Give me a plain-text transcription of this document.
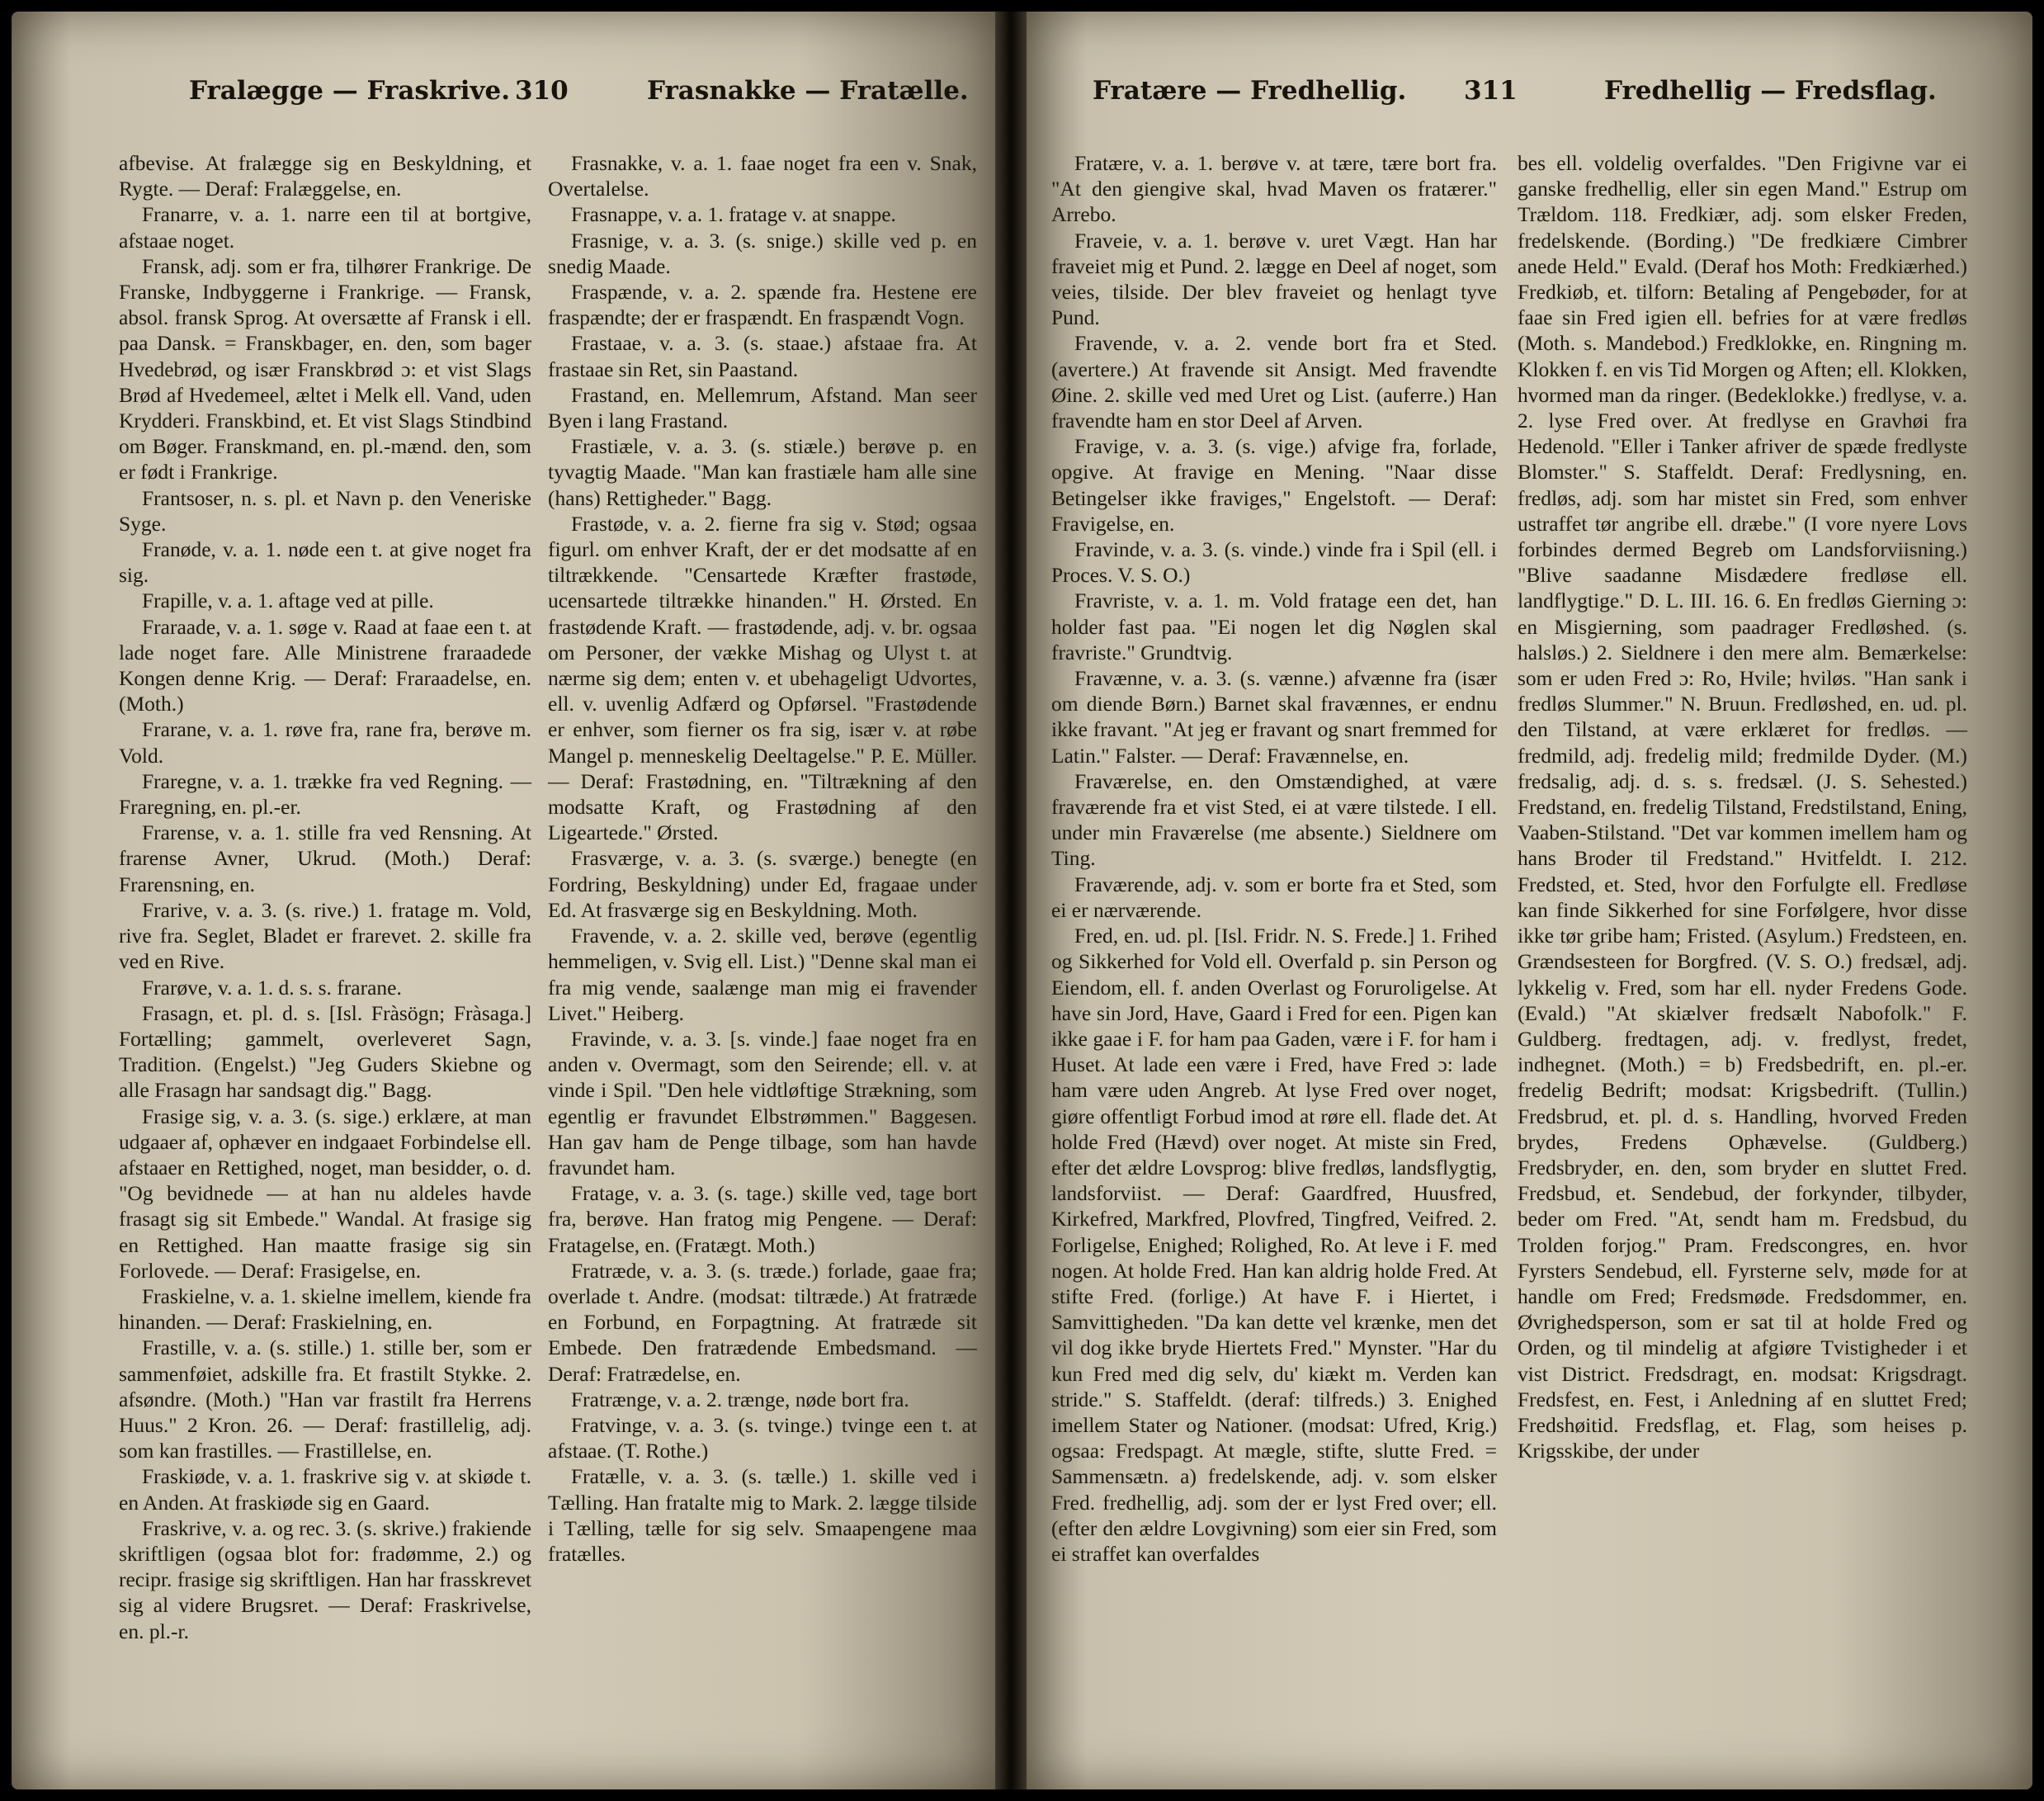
Fralægge — Fraskrive. 310	Frasnakke — Fratælle.

afbevise. At fralægge sig en Beskyldning, et Rygte. — Deraf: Fralæggelse, en.

Franarre, v. a. 1. narre een til at bortgive, afstaae noget.

Fransk, adj. som er fra, tilhører Frankrige. De Franske, Indbyggerne i Frankrige. — Fransk, absol. fransk Sprog. At oversætte af Fransk i ell. paa Dansk. = Franskbager, en. den, som bager Hvedebrød, og især Franskbrød ɔ: et vist Slags Brød af Hvedemeel, æltet i Melk ell. Vand, uden Krydderi. Franskbind, et. Et vist Slags Stindbind om Bøger. Franskmand, en. pl.-mænd. den, som er født i Frankrige.

Frantsoser, n. s. pl. et Navn p. den Veneriske Syge.

Franøde, v. a. 1. nøde een t. at give noget fra sig.

Frapille, v. a. 1. aftage ved at pille.

Fraraade, v. a. 1. søge v. Raad at faae een t. at lade noget fare. Alle Ministrene fraraadede Kongen denne Krig. — Deraf: Fraraadelse, en. (Moth.)

Frarane, v. a. 1. røve fra, rane fra, berøve m. Vold.

Fraregne, v. a. 1. trække fra ved Regning. — Fraregning, en. pl.-er.

Frarense, v. a. 1. stille fra ved Rensning. At frarense Avner, Ukrud. (Moth.) Deraf: Frarensning, en.

Frarive, v. a. 3. (s. rive.) 1. fratage m. Vold, rive fra. Seglet, Bladet er frarevet. 2. skille fra ved en Rive.

Frarøve, v. a. 1. d. s. s. frarane.

Frasagn, et. pl. d. s. [Isl. Fràsögn; Fràsaga.] Fortælling; gammelt, overleveret Sagn, Tradition. (Engelst.) "Jeg Guders Skiebne og alle Frasagn har sandsagt dig." Bagg.

Frasige sig, v. a. 3. (s. sige.) erklære, at man udgaaer af, ophæver en indgaaet Forbindelse ell. afstaaer en Rettighed, noget, man besidder, o. d. "Og bevidnede — at han nu aldeles havde frasagt sig sit Embede." Wandal. At frasige sig en Rettighed. Han maatte frasige sig sin Forlovede. — Deraf: Frasigelse, en.

Fraskielne, v. a. 1. skielne imellem, kiende fra hinanden. — Deraf: Fraskielning, en.

Frastille, v. a. (s. stille.) 1. stille ber, som er sammenføiet, adskille fra. Et frastilt Stykke. 2. afsøndre. (Moth.) "Han var frastilt fra Herrens Huus." 2 Kron. 26. — Deraf: frastillelig, adj. som kan frastilles. — Frastillelse, en.

Fraskiøde, v. a. 1. fraskrive sig v. at skiøde t. en Anden. At fraskiøde sig en Gaard.

Fraskrive, v. a. og rec. 3. (s. skrive.) frakiende skriftligen (ogsaa blot for: fradømme, 2.) og recipr. frasige sig skriftligen. Han har frasskrevet sig al videre Brugsret. — Deraf: Fraskrivelse, en. pl.-r.

Frasnakke, v. a. 1. faae noget fra een v. Snak, Overtalelse.

Frasnappe, v. a. 1. fratage v. at snappe.

Frasnige, v. a. 3. (s. snige.) skille ved p. en snedig Maade.

Fraspænde, v. a. 2. spænde fra. Hestene ere fraspændte; der er fraspændt. En fraspændt Vogn.

Frastaae, v. a. 3. (s. staae.) afstaae fra. At frastaae sin Ret, sin Paastand.

Frastand, en. Mellemrum, Afstand. Man seer Byen i lang Frastand.

Frastiæle, v. a. 3. (s. stiæle.) berøve p. en tyvagtig Maade. "Man kan frastiæle ham alle sine (hans) Rettigheder." Bagg.

Frastøde, v. a. 2. fierne fra sig v. Stød; ogsaa figurl. om enhver Kraft, der er det modsatte af en tiltrækkende. "Censartede Kræfter frastøde, ucensartede tiltrække hinanden." H. Ørsted. En frastødende Kraft. — frastødende, adj. v. br. ogsaa om Personer, der vække Mishag og Ulyst t. at nærme sig dem; enten v. et ubehageligt Udvortes, ell. v. uvenlig Adfærd og Opførsel. "Frastødende er enhver, som fierner os fra sig, især v. at røbe Mangel p. menneskelig Deeltagelse." P. E. Müller. — Deraf: Frastødning, en. "Tiltrækning af den modsatte Kraft, og Frastødning af den Ligeartede." Ørsted.

Frasværge, v. a. 3. (s. sværge.) benegte (en Fordring, Beskyldning) under Ed, fragaae under Ed. At frasværge sig en Beskyldning. Moth.

Fravende, v. a. 2. skille ved, berøve (egentlig hemmeligen, v. Svig ell. List.) "Denne skal man ei fra mig vende, saalænge man mig ei fravender Livet." Heiberg.

Fravinde, v. a. 3. [s. vinde.] faae noget fra en anden v. Overmagt, som den Seirende; ell. v. at vinde i Spil. "Den hele vidtløftige Strækning, som egentlig er fravundet Elbstrømmen." Baggesen. Han gav ham de Penge tilbage, som han havde fravundet ham.

Fratage, v. a. 3. (s. tage.) skille ved, tage bort fra, berøve. Han fratog mig Pengene. — Deraf: Fratagelse, en. (Fratægt. Moth.)

Fratræde, v. a. 3. (s. træde.) forlade, gaae fra; overlade t. Andre. (modsat: tiltræde.) At fratræde en Forbund, en Forpagtning. At fratræde sit Embede. Den fratrædende Embedsmand. — Deraf: Fratrædelse, en.

Fratrænge, v. a. 2. trænge, nøde bort fra.

Fratvinge, v. a. 3. (s. tvinge.) tvinge een t. at afstaae. (T. Rothe.)

Fratælle, v. a. 3. (s. tælle.) 1. skille ved i Tælling. Han fratalte mig to Mark. 2. lægge tilside i Tælling, tælle for sig selv. Smaapengene maa fratælles.

Fratære — Fredhellig. 311	Fredhellig — Fredsflag.

Fratære, v. a. 1. berøve v. at tære, tære bort fra. "At den giengive skal, hvad Maven os fratærer." Arrebo.

Fraveie, v. a. 1. berøve v. uret Vægt. Han har fraveiet mig et Pund. 2. lægge en Deel af noget, som veies, tilside. Der blev fraveiet og henlagt tyve Pund.

Fravende, v. a. 2. vende bort fra et Sted. (avertere.) At fravende sit Ansigt. Med fravendte Øine. 2. skille ved med Uret og List. (auferre.) Han fravendte ham en stor Deel af Arven.

Fravige, v. a. 3. (s. vige.) afvige fra, forlade, opgive. At fravige en Mening. "Naar disse Betingelser ikke fraviges," Engelstoft. — Deraf: Fravigelse, en.

Fravinde, v. a. 3. (s. vinde.) vinde fra i Spil (ell. i Proces. V. S. O.)

Fravriste, v. a. 1. m. Vold fratage een det, han holder fast paa. "Ei nogen let dig Nøglen skal fravriste." Grundtvig.

Fravænne, v. a. 3. (s. vænne.) afvænne fra (især om diende Børn.) Barnet skal fravænnes, er endnu ikke fravant. "At jeg er fravant og snart fremmed for Latin." Falster. — Deraf: Fravænnelse, en.

Fraværelse, en. den Omstændighed, at være fraværende fra et vist Sted, ei at være tilstede. I ell. under min Fraværelse (me absente.) Sieldnere om Ting.

Fraværende, adj. v. som er borte fra et Sted, som ei er nærværende.

Fred, en. ud. pl. [Isl. Fridr. N. S. Frede.] 1. Frihed og Sikkerhed for Vold ell. Overfald p. sin Person og Eiendom, ell. f. anden Overlast og Foruroligelse. At have sin Jord, Have, Gaard i Fred for een. Pigen kan ikke gaae i F. for ham paa Gaden, være i F. for ham i Huset. At lade een være i Fred, have Fred ɔ: lade ham være uden Angreb. At lyse Fred over noget, giøre offentligt Forbud imod at røre ell. flade det. At holde Fred (Hævd) over noget. At miste sin Fred, efter det ældre Lovsprog: blive fredløs, landsflygtig, landsforviist. — Deraf: Gaardfred, Huusfred, Kirkefred, Markfred, Plovfred, Tingfred, Veifred. 2. Forligelse, Enighed; Rolighed, Ro. At leve i F. med nogen. At holde Fred. Han kan aldrig holde Fred. At stifte Fred. (forlige.) At have F. i Hiertet, i Samvittigheden. "Da kan dette vel krænke, men det vil dog ikke bryde Hiertets Fred." Mynster. "Har du kun Fred med dig selv, du' kiækt m. Verden kan stride." S. Staffeldt. (deraf: tilfreds.) 3. Enighed imellem Stater og Nationer. (modsat: Ufred, Krig.) ogsaa: Fredspagt. At mægle, stifte, slutte Fred. = Sammensætn. a) fredelskende, adj. v. som elsker Fred. fredhellig, adj. som der er lyst Fred over; ell. (efter den ældre Lovgivning) som eier sin Fred, som ei straffet kan overfaldes

bes ell. voldelig overfaldes. "Den Frigivne var ei ganske fredhellig, eller sin egen Mand." Estrup om Trældom. 118. Fredkiær, adj. som elsker Freden, fredelskende. (Bording.) "De fredkiære Cimbrer anede Held." Evald. (Deraf hos Moth: Fredkiærhed.) Fredkiøb, et. tilforn: Betaling af Pengebøder, for at faae sin Fred igien ell. befries for at være fredløs (Moth. s. Mandebod.) Fredklokke, en. Ringning m. Klokken f. en vis Tid Morgen og Aften; ell. Klokken, hvormed man da ringer. (Bedeklokke.) fredlyse, v. a. 2. lyse Fred over. At fredlyse en Gravhøi fra Hedenold. "Eller i Tanker afriver de spæde fredlyste Blomster." S. Staffeldt. Deraf: Fredlysning, en. fredløs, adj. som har mistet sin Fred, som enhver ustraffet tør angribe ell. dræbe." (I vore nyere Lovs forbindes dermed Begreb om Landsforviisning.) "Blive saadanne Misdædere fredløse ell. landflygtige." D. L. III. 16. 6. En fredløs Gierning ɔ: en Misgierning, som paadrager Fredløshed. (s. halsløs.) 2. Sieldnere i den mere alm. Bemærkelse: som er uden Fred ɔ: Ro, Hvile; hviløs. "Han sank i fredløs Slummer." N. Bruun. Fredløshed, en. ud. pl. den Tilstand, at være erklæret for fredløs. — fredmild, adj. fredelig mild; fredmilde Dyder. (M.) fredsalig, adj. d. s. s. fredsæl. (J. S. Sehested.) Fredstand, en. fredelig Tilstand, Fredstilstand, Ening, Vaaben-Stilstand. "Det var kommen imellem ham og hans Broder til Fredstand." Hvitfeldt. I. 212. Fredsted, et. Sted, hvor den Forfulgte ell. Fredløse kan finde Sikkerhed for sine Forfølgere, hvor disse ikke tør gribe ham; Fristed. (Asylum.) Fredsteen, en. Grændsesteen for Borgfred. (V. S. O.) fredsæl, adj. lykkelig v. Fred, som har ell. nyder Fredens Gode. (Evald.) "At skiælver fredsælt Nabofolk." F. Guldberg. fredtagen, adj. v. fredlyst, fredet, indhegnet. (Moth.) = b) Fredsbedrift, en. pl.-er. fredelig Bedrift; modsat: Krigsbedrift. (Tullin.) Fredsbrud, et. pl. d. s. Handling, hvorved Freden brydes, Fredens Ophævelse. (Guldberg.) Fredsbryder, en. den, som bryder en sluttet Fred. Fredsbud, et. Sendebud, der forkynder, tilbyder, beder om Fred. "At, sendt ham m. Fredsbud, du Trolden forjog." Pram. Fredscongres, en. hvor Fyrsters Sendebud, ell. Fyrsterne selv, møde for at handle om Fred; Fredsmøde. Fredsdommer, en. Øvrighedsperson, som er sat til at holde Fred og Orden, og til mindelig at afgiøre Tvistigheder i et vist District. Fredsdragt, en. modsat: Krigsdragt. Fredsfest, en. Fest, i Anledning af en sluttet Fred; Fredshøitid. Fredsflag, et. Flag, som heises p. Krigsskibe, der under
